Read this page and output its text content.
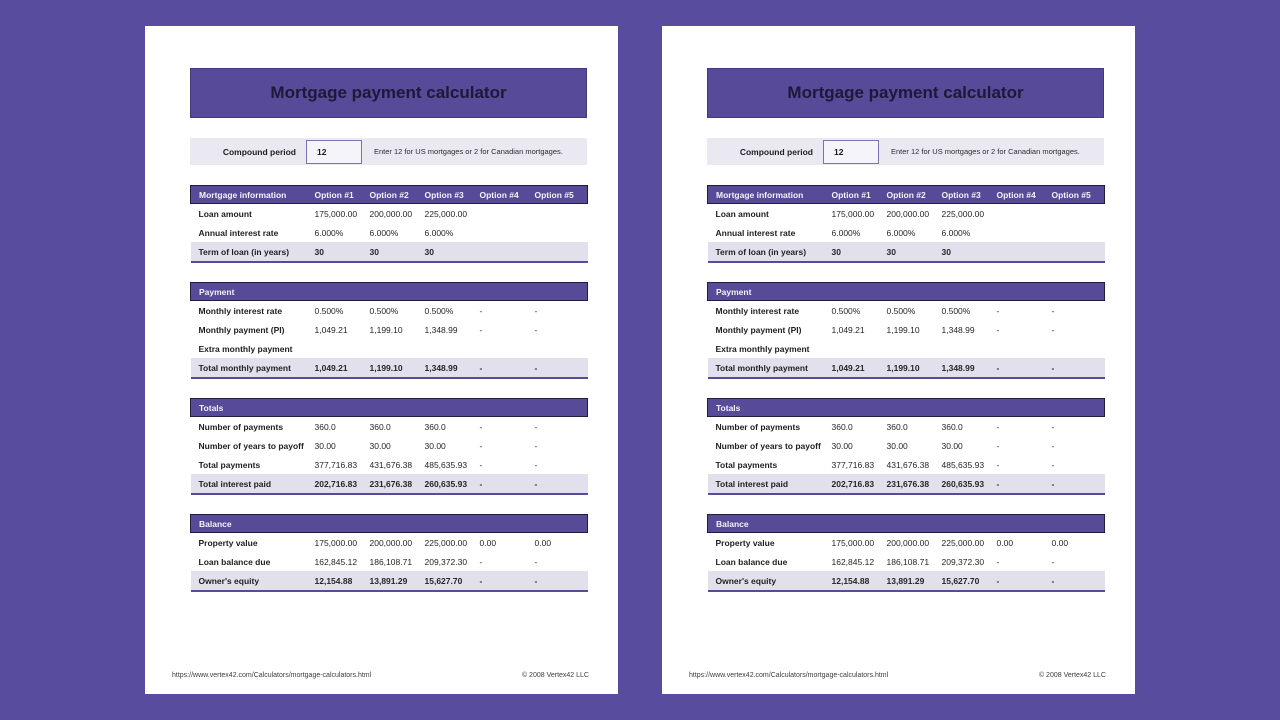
Mortgage payment calculator
Compound period	12	Enter 12 for US mortgages or 2 for Canadian mortgages.
Mortgage information	Option #1	Option #2	Option #3	Option #4	Option #5
Loan amount	175,000.00	200,000.00	225,000.00		
Annual interest rate	6.000%	6.000%	6.000%		
Term of loan (in years)	30	30	30		
Payment					
Monthly interest rate	0.500%	0.500%	0.500%	-	-
Monthly payment (PI)	1,049.21	1,199.10	1,348.99	-	-
Extra monthly payment					
Total monthly payment	1,049.21	1,199.10	1,348.99	-	-
Totals					
Number of payments	360.0	360.0	360.0	-	-
Number of years to payoff	30.00	30.00	30.00	-	-
Total payments	377,716.83	431,676.38	485,635.93	-	-
Total interest paid	202,716.83	231,676.38	260,635.93	-	-
Balance					
Property value	175,000.00	200,000.00	225,000.00	0.00	0.00
Loan balance due	162,845.12	186,108.71	209,372.30	-	-
Owner's equity	12,154.88	13,891.29	15,627.70	-	-
https://www.vertex42.com/Calculators/mortgage-calculators.html	© 2008 Vertex42 LLC
Mortgage payment calculator
Compound period	12	Enter 12 for US mortgages or 2 for Canadian mortgages.
Mortgage information	Option #1	Option #2	Option #3	Option #4	Option #5
Loan amount	175,000.00	200,000.00	225,000.00		
Annual interest rate	6.000%	6.000%	6.000%		
Term of loan (in years)	30	30	30		
Payment					
Monthly interest rate	0.500%	0.500%	0.500%	-	-
Monthly payment (PI)	1,049.21	1,199.10	1,348.99	-	-
Extra monthly payment					
Total monthly payment	1,049.21	1,199.10	1,348.99	-	-
Totals					
Number of payments	360.0	360.0	360.0	-	-
Number of years to payoff	30.00	30.00	30.00	-	-
Total payments	377,716.83	431,676.38	485,635.93	-	-
Total interest paid	202,716.83	231,676.38	260,635.93	-	-
Balance					
Property value	175,000.00	200,000.00	225,000.00	0.00	0.00
Loan balance due	162,845.12	186,108.71	209,372.30	-	-
Owner's equity	12,154.88	13,891.29	15,627.70	-	-
https://www.vertex42.com/Calculators/mortgage-calculators.html	© 2008 Vertex42 LLC
